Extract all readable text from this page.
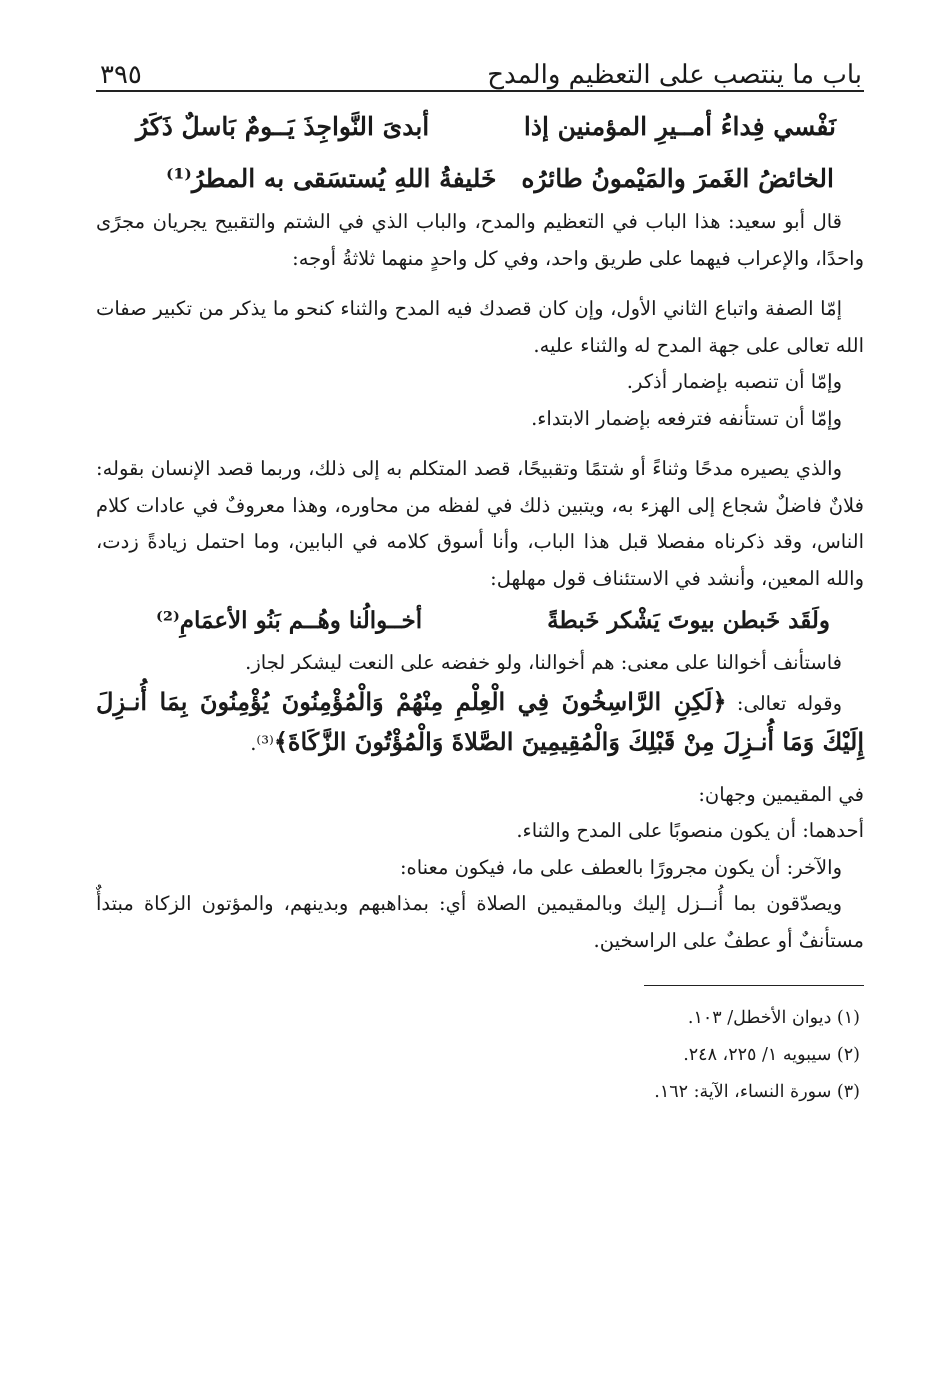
باب ما ينتصب على التعظيم والمدح
٣٩٥
نَفْسي فِداءُ أمــيرِ المؤمنين إذا
أبدىَ النَّواجِذَ يَــومٌ بَاسلٌ ذَكَرُ
الخائضُ الغَمرَ والمَيْمونُ طائرُه
خَليفةُ اللهِ يُستسَقى به المطرُ⁽¹⁾

قال أبو سعيد: هذا الباب في التعظيم والمدح، والباب الذي في الشتم والتقبيح يجريان مجرًى واحدًا، والإعراب فيهما على طريق واحد، وفي كل واحدٍ منهما ثلاثةُ أوجه:

إمّا الصفة واتباع الثاني الأول، وإن كان قصدك فيه المدح والثناء كنحو ما يذكر من تكبير صفات الله تعالى على جهة المدح له والثناء عليه.

وإمّا أن تنصبه بإضمار أذكر.

وإمّا أن تستأنفه فترفعه بإضمار الابتداء.

والذي يصيره مدحًا وثناءً أو شتمًا وتقبيحًا، قصد المتكلم به إلى ذلك، وربما قصد الإنسان بقوله: فلانٌ فاضلٌ شجاع إلى الهزء به، ويتبين ذلك في لفظه من محاوره، وهذا معروفٌ في عادات كلام الناس، وقد ذكرناه مفصلا قبل هذا الباب، وأنا أسوق كلامه في البابين، وما احتمل زيادةً زدت، والله المعين، وأنشد في الاستئناف قول مهلهل:

ولَقَد خَبطن بيوتَ يَشْكر خَبطةً
أخــوالُنا وهُــم بَنُو الأعمَامِ⁽²⁾

فاستأنف أخوالنا على معنى: هم أخوالنا، ولو خفضه على النعت ليشكر لجاز.

وقوله تعالى: ﴿لَكِنِ الرَّاسِخُونَ فِي الْعِلْمِ مِنْهُمْ وَالْمُؤْمِنُونَ يُؤْمِنُونَ بِمَا أُنـزِلَ إِلَيْكَ وَمَا أُنـزِلَ مِنْ قَبْلِكَ وَالْمُقِيمِينَ الصَّلاةَ وَالْمُؤْتُونَ الزَّكَاةَ﴾⁽³⁾.

في المقيمين وجهان:

أحدهما: أن يكون منصوبًا على المدح والثناء.

والآخر: أن يكون مجرورًا بالعطف على ما، فيكون معناه:

ويصدّقون بما أُنــزل إليك وبالمقيمين الصلاة أي: بمذاهبهم وبدينهم، والمؤتون الزكاة مبتدأٌ مستأنفٌ أو عطفٌ على الراسخين.

(١) ديوان الأخطل/ ١٠٣.
(٢) سيبويه ١/ ٢٢٥، ٢٤٨.
(٣) سورة النساء، الآية: ١٦٢.
